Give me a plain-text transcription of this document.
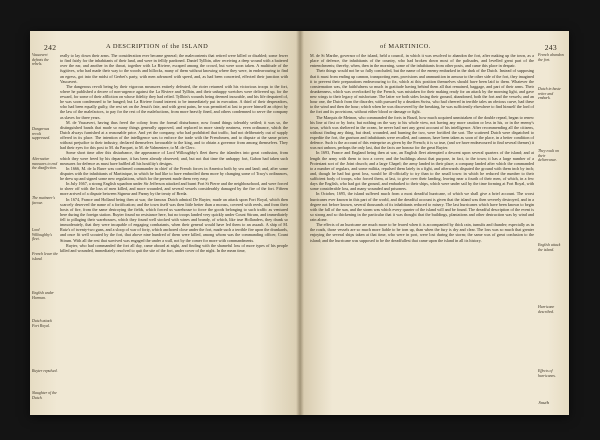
242	A DESCRIPTION of the ISLAND
Vaucavert defeats the rebels.
Dangerous revolt suppressed.
Alternative measures to end the disaffection.
The mutineer's favour.
Lord Willoughby's fleet.
French leave the island.
English under Harman.
Dutch attack Fort Royal.
Ruyter repulsed.
Slaughter of the Dutch.

really to lay down their arms. The consideration ever became general; the malecontents that retired were killed or disabled; some fewer to find fairly for the inhabitants of their land, and were in fellily pardoned. Daniel Tyllbin, after receiving a deep wound with a battered over the ear, and another in the throat, together with La Riviere, escaped among the crowd, but were soon taken. A multitude of the fugitives, who had made their way to the woods and hillocks, many of them without knowing where they were, in endeavouring to find an egress, got into the midst of Gerbet's party, with men advanced with speed, and, as had been concerted, effected their junction with Vaucavert.

The dangerous revolt being by their vigorous measures entirely defeated, the rioter returned with his victorious troops to the fort, where he published a decree of non-urgence against the La Riviere and Tyllbin, and their unhappy wretches were delivered up, for the reward, for some of their affliction on whose fidelity they had relied. Tyllbin's wounds being deemed incurable, and his life despaired of, he was soon condemned to be hanged; but La Riviere found interest to be immediately put in execution. A third of their desperadoes, who had been equally guilty, the rest set on the Jesuit's fate, and with great pains, he was permitted at last to prove himself an object by the law of the malefactors, to pay for the rest of the malefactions, from more heavily fined, and others condemned to serve the company as slaves for three years.

M. de Vaucavert, having thus freed the colony from the formal disturbance, now found things tolerably settled; it was so, the distinguished bands that made so many things generally approved, and replaced in more steady neatness, even ordinance, which the Dutch always furnished at a reasonable price. And yet the company, who had prohibited that traffic, had not deliberately out of supply offered in its place. The intention of the intelligence was to enforce the trade with the Frenchmen, and to dispute at the same prices without prejudice to their industry, declared themselves favourable to the king, and to obtain a governor from among themselves. They had their eyes for this post to M. du Parquet, to M. de Valmeniere, to M. de Clerc.

Some short time after this disturbance, the appearance of Lord Willoughby's fleet threw the islanders into great confusion, from which they were freed by his departure, it has been already observed; and, but not that time the unhappy fort, Gabon had taken such measures for defence as must have baffled all his hostility's designs.

In 1666, M. de la Barre was confirmed commander in chief of the French forces in America both by sea and land; and, after some disputes with the inhabitants of Martinique, in which he had like to have embroiled them more by changing some of Tracy's ordinances, he drew up and signed some new regulations, which for the present made them very easy.

In July 1667, a strong English squadron under Sir Jefferson attacked and burnt Fort St Pierre and the neighbourhood, and were forced to sheer off with the loss of men killed, and more wounded, and several vessels considerably damaged by the fire of the fort. Fifteen more arrived of a dispute between Signeur and Parmy by the treaty of Breda.

In 1674, France and Holland being then at war, the famous Dutch admiral De Ruyter, made an attack upon Fort Royal, which then scarcely deserved the name of a fortification; and the town itself was then little better than a morass, covered with reeds, and from their hosts of fire, from the same destroying the fields, which forced us warehouse to force the goods belonging to such traffic as ventured here during the foreign station. Ruyter found no resistance here, but no troops landed very quickly under Count Stirum, and immediately fell to pillaging their warehouses, which they found well stocked with wines and brandy, of which, like true Hollanders, they drank so immoderately, that they were incapable of engaging combatants, when their general would have led them to an assault. A ship of M. Ruiz's of twenty-two guns, and a sloop of war of forty, which anchored close under the fort, made such a terrible fire upon the drunkards, and once fit well scouted by the fort, that above nine hundred of them were killed, among whom was the commanding officer, Count Stirum. With all the rest that survived was engaged the under a wall, not by the comer for more with commandments.

Ruyter, who had commanded the fort all day, came aboard at night, and finding with the shameful loss of more types of his people killed and wounded, immediately resolved to quit the site of the fort, under cover of the night. In the mean time,

of MARTINICO.	243

M. de St Marthe, governor of the island, held a council, in which it was resolved to abandon the fort, after making up the town, as a place of defence, the inhabitants of the country, who had broken down most of the palisades, and levelled great part of the entrenchments; thereby, when, then in the morning, some of the inhabitants from other posts, and came this place in despair.

Their things would not be so fully concluded, but the name of the enemy embarked in the dark of the Dutch. Instead of supposing that it must from ending up cannon, transporting men, provisions and ammunition in armour to the other side of the fort, they imagined it to prevent their preparations endeavouring to fix, which at this position themselves should have been laid to them. Whatever the consternation was, the faithfulness so much in gratitude having behind them all that remained, baggage, and part of their arms. Their drunkenness, which was overlooked by the French, was mistaken for their making ready for an attack by the morning light, and gave new wings to their legacy of misfortune. The latter we both sides losing their ground, abandoned, both the fort and the vessels; and an hour one, the Dutch from the disorder, with pursued by a drunken Swiss, who had cheered in terrible tales an obvious curve, had these to the wind and then the hour; which when he was discovered by the breaking, he was sufficiently elsewhere to find himself the lord of the fort and its provisions, without either blood or damage or fight.

The Marquis de Meinon, who commanded the forts in Brazil, how much acquired unmistaken of the double repeal, began to renew his line at first or by forts; but nothing on the way to his whole view, not having any more caution or less in his, or in the enemy's town, which was sheltered in the ocean, he never had met any great account of his intelligence. After recommending all the citizens, without finding any thing, but dead, wounded, and burning the two, were fortified the sort. The scattered Dutch were dispatched to expedite the fort, the garrison and inhabitants were recalled, and cannon, have been taken as soon of the place, in a better condition of defence. Such is the account of this enterprise as given by the French; it is so true, (and we have endeavoured to find several themes) it was not unborn, perhaps the only last, that the facts are honour for the great Ruyter.

In 1693, France and England being then at war, an English fleet attempted a descent upon several quarters of the island; and at length the army with them to two a cover; and the buildings about that purpose, in fact, to the town; it has a large number of a Protestant sort of the Joint church; and a large Chapel; the army landed in their place; a company landed after which the commanded to a number of regulars, and some militia, repulsed them lately in a fight, and afterwards disputed the ground with them inch by inch; and, though he had but great loss, would be ill-officially to try than to the small town: in which he reduced the number to their sufficient body of troops, who forced them, at last, to give over their landing, leaving near a fourth of their men, of which, in a few days the English, who had got the ground, and embarked to their ships, which were under sail by the time forming at Fort Royal, with some considerable loss, and many wounded and prisoners.

In October, 1695, the island suffered much from a most dreadful hurricane, of which we shall give a brief account. The worst hurricanes ever known in this part of the world, and the dreadful account is given that the island was then severely destroyed, and in a degree not before known, several thousands of its inhabitants reduced to misery. The last hurricanes which have been known to begin with the fall of the sun, and the storm was which every quarter of the island will and be found. The dreadful description of the event is so strong and so thickening in the particular that it was thought that the buildings, plantations and other destruction was by wind and rain alone.

The effects of an hurricane are much more to be feared when it is accompanied by thick rain, tumults and thunder; especially as in the roads, those vessels are so much more liable to be torn up, than when the fury is dry and clear. The loss was so much that greater enjoying the several ships taken at that time, who were in port, were lost during the storm; the same was of great confusion to the island; and the hurricane was supposed to be the dreadfullest that came upon the island in all its history.

French abandon the fort.
Dutch in haste retire and embark.
They exult on their deliverance.
English attack the island.
Hurricane described.
Effects of hurricanes.
South
